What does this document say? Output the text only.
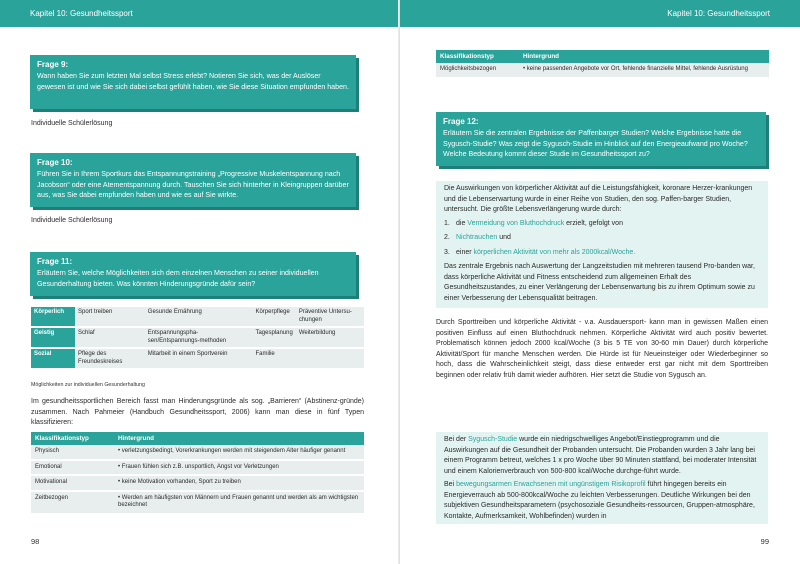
Kapitel 10: Gesundheitssport
Frage 9:
Wann haben Sie zum letzten Mal selbst Stress erlebt? Notieren Sie sich, was der Auslöser gewesen ist und wie Sie sich dabei selbst gefühlt haben, wie Sie diese Situation empfunden haben.
Individuelle Schülerlösung
Frage 10:
Führen Sie in Ihrem Sportkurs das Entspannungstraining „Progressive Muskelentspannung nach Jacobson“ oder eine Atementspannung durch. Tauschen Sie sich hinterher in Kleingruppen darüber aus, was Sie dabei empfunden haben und wie es auf Sie wirkte.
Individuelle Schülerlösung
Frage 11:
Erläutern Sie, welche Möglichkeiten sich dem einzelnen Menschen zu seiner individuellen Gesunderhaltung bieten. Was könnten Hinderungsgründe dafür sein?
Körperlich	Sport treiben	Gesunde Ernährung	Körperpflege	Präventive Untersu-chungen
Geistig	Schlaf	Entspannungspha-sen/Entspannungs-methoden	Tagesplanung	Weiterbildung
Sozial	Pflege des Freundeskreises	Mitarbeit in einem Sportverein	Familie	
Möglichkeiten zur individuellen Gesunderhaltung
Im gesundheitssportlichen Bereich fasst man Hinderungsgründe als sog. „Barrieren“ (Abstinenz-gründe) zusammen. Nach Pahmeier (Handbuch Gesundheitssport, 2006) kann man diese in fünf Typen klassifizieren:
Klassifikationstyp	Hintergrund
Physisch	• verletzungsbedingt, Vorerkrankungen werden mit steigendem Alter häufiger genannt
Emotional	• Frauen fühlen sich z.B. unsportlich, Angst vor Verletzungen
Motivational	• keine Motivation vorhanden, Sport zu treiben
Zeitbezogen	• Werden am häufigsten von Männern und Frauen genannt und werden als am wichtigsten bezeichnet
98
Kapitel 10: Gesundheitssport
Klassifikationstyp	Hintergrund
Möglichkeitsbezogen	• keine passenden Angebote vor Ort, fehlende finanzielle Mittel, fehlende Ausrüstung
Frage 12:
Erläutern Sie die zentralen Ergebnisse der Paffenbarger Studien? Welche Ergebnisse hatte die Sygusch-Studie? Was zeigt die Sygusch-Studie im Hinblick auf den Energieaufwand pro Woche? Welche Bedeutung kommt dieser Studie im Gesundheitssport zu?
Die Auswirkungen von körperlicher Aktivität auf die Leistungsfähigkeit, koronare Herzer-krankungen und die Lebenserwartung wurde in einer Reihe von Studien, den sog. Paffen-barger Studien, untersucht. Die größte Lebensverlängerung wurde durch:
1. die Vermeidung von Bluthochdruck erzielt, gefolgt von
2. Nichtrauchen und
3. einer körperlichen Aktivität von mehr als 2000kcal/Woche.
Das zentrale Ergebnis nach Auswertung der Langzeitstudien mit mehreren tausend Pro-banden war, dass körperliche Aktivität und Fitness entscheidend zum allgemeinen Erhalt des Gesundheitszustandes, zu einer Verlängerung der Lebenserwartung bis zu ihrem Optimum sowie zu einer Verbesserung der Lebensqualität beitragen.
Durch Sporttreiben und körperliche Aktivität - v.a. Ausdauersport- kann man in gewissen Maßen einen positiven Einfluss auf einen Bluthochdruck nehmen. Körperliche Aktivität wird auch positiv bewertet. Problematisch können jedoch 2000 kcal/Woche (3 bis 5 TE von 30-60 min Dauer) durch körperliche Aktivität/Sport für manche Menschen werden. Die Hürde ist für Neueinsteiger oder Wiederbeginner so hoch, dass die Wahrscheinlichkeit steigt, dass diese entweder erst gar nicht mit dem Sporttreiben beginnen oder relativ früh damit wieder aufhören. Hier setzt die Studie von Sygusch an.
Bei der Sygusch-Studie wurde ein niedrigschwelliges Angebot/Einstiegprogramm und die Auswirkungen auf die Gesundheit der Probanden untersucht. Die Probanden wurden 3 Jahr lang bei einem Programm betreut, welches 1 x pro Woche über 90 Minuten stattfand, bei moderater Intensität und einem Kalorienverbrauch von 500-800 kcal/Woche durchge-führt wurde.
Bei bewegungsarmen Erwachsenen mit ungünstigem Risikoprofil führt hingegen bereits ein Energieverrauch ab 500-800kcal/Woche zu leichten Verbesserungen. Deutliche Wirkungen bei den subjektiven Gesundheitsparametern (psychosoziale Gesundheits-ressourcen, Gruppen-atmosphäre, Kontakte, Aufmerksamkeit, Wohlbefinden) wurden in
99
